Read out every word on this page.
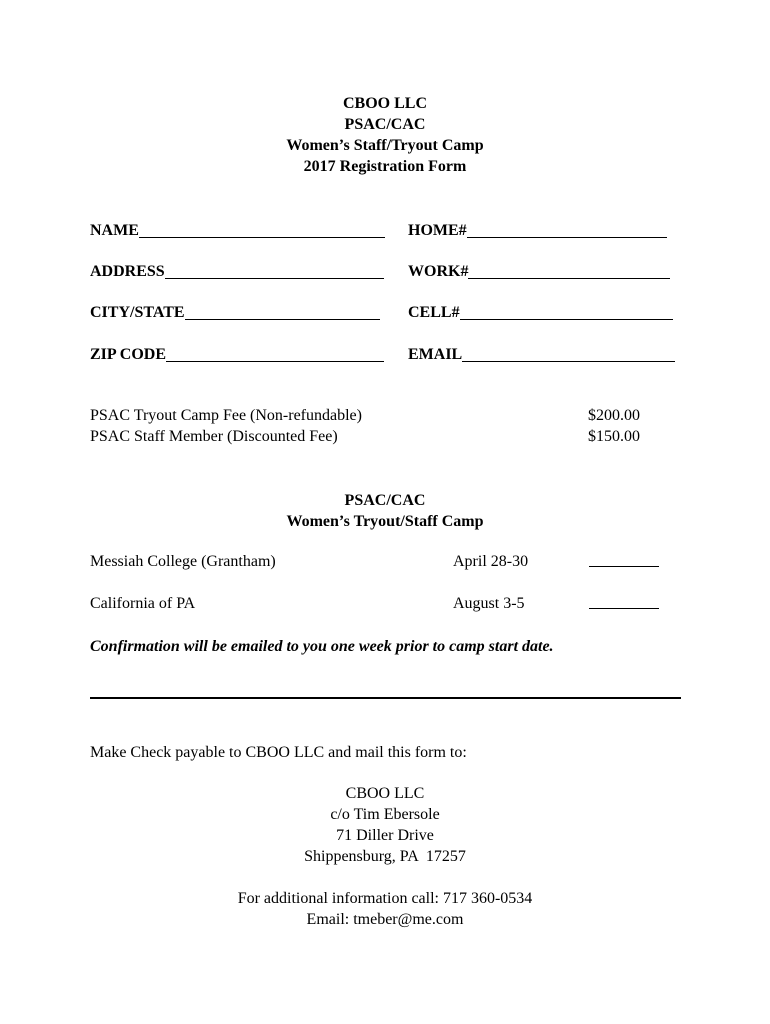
CBOO LLC
PSAC/CAC
Women’s Staff/Tryout Camp
2017 Registration Form
NAME	HOME#
ADDRESS	WORK#
CITY/STATE	CELL#
ZIP CODE	EMAIL
PSAC Tryout Camp Fee (Non-refundable)	$200.00
PSAC Staff Member (Discounted Fee)	$150.00
PSAC/CAC
Women’s Tryout/Staff Camp
Messiah College (Grantham)	April 28-30
California of PA	August 3-5
Confirmation will be emailed to you one week prior to camp start date.
Make Check payable to CBOO LLC and mail this form to:
CBOO LLC
c/o Tim Ebersole
71 Diller Drive
Shippensburg, PA  17257
For additional information call: 717 360-0534
Email: tmeber@me.com
